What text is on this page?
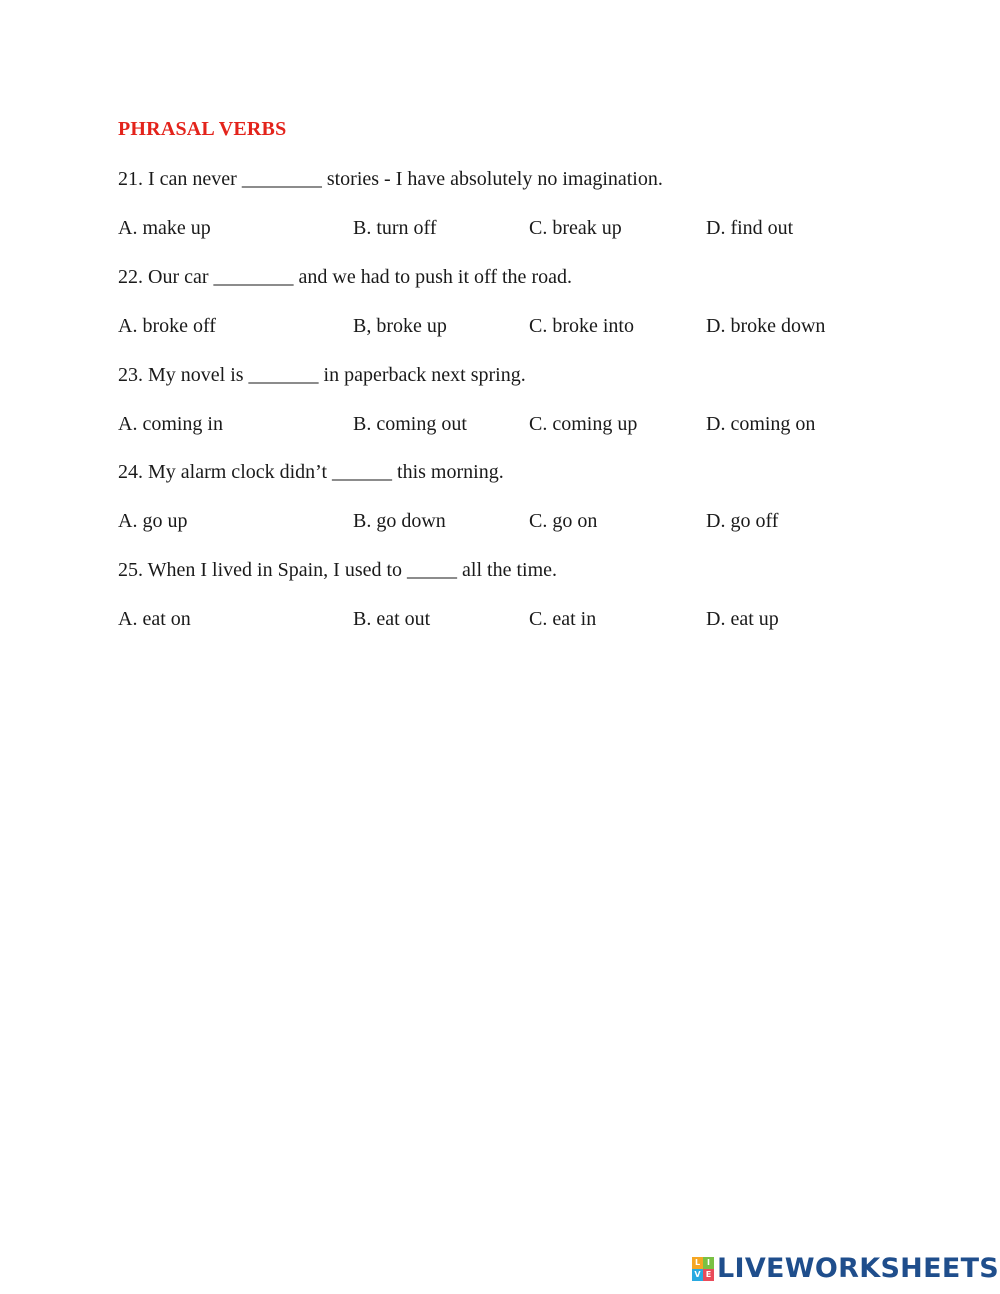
PHRASAL VERBS
21. I can never ________ stories - I have absolutely no imagination.
A. make up	B. turn off	C. break up	D. find out
22. Our car ________ and we had to push it off the road.
A. broke off	B, broke up	C. broke into	D. broke down
23. My novel is _______ in paperback next spring.
A. coming in	B. coming out	C. coming up	D. coming on
24. My alarm clock didn’t ______ this morning.
A. go up	B. go down	C. go on	D. go off
25. When I lived in Spain, I used to _____ all the time.
A. eat on	B. eat out	C. eat in	D. eat up
L I
V E LIVEWORKSHEETS
